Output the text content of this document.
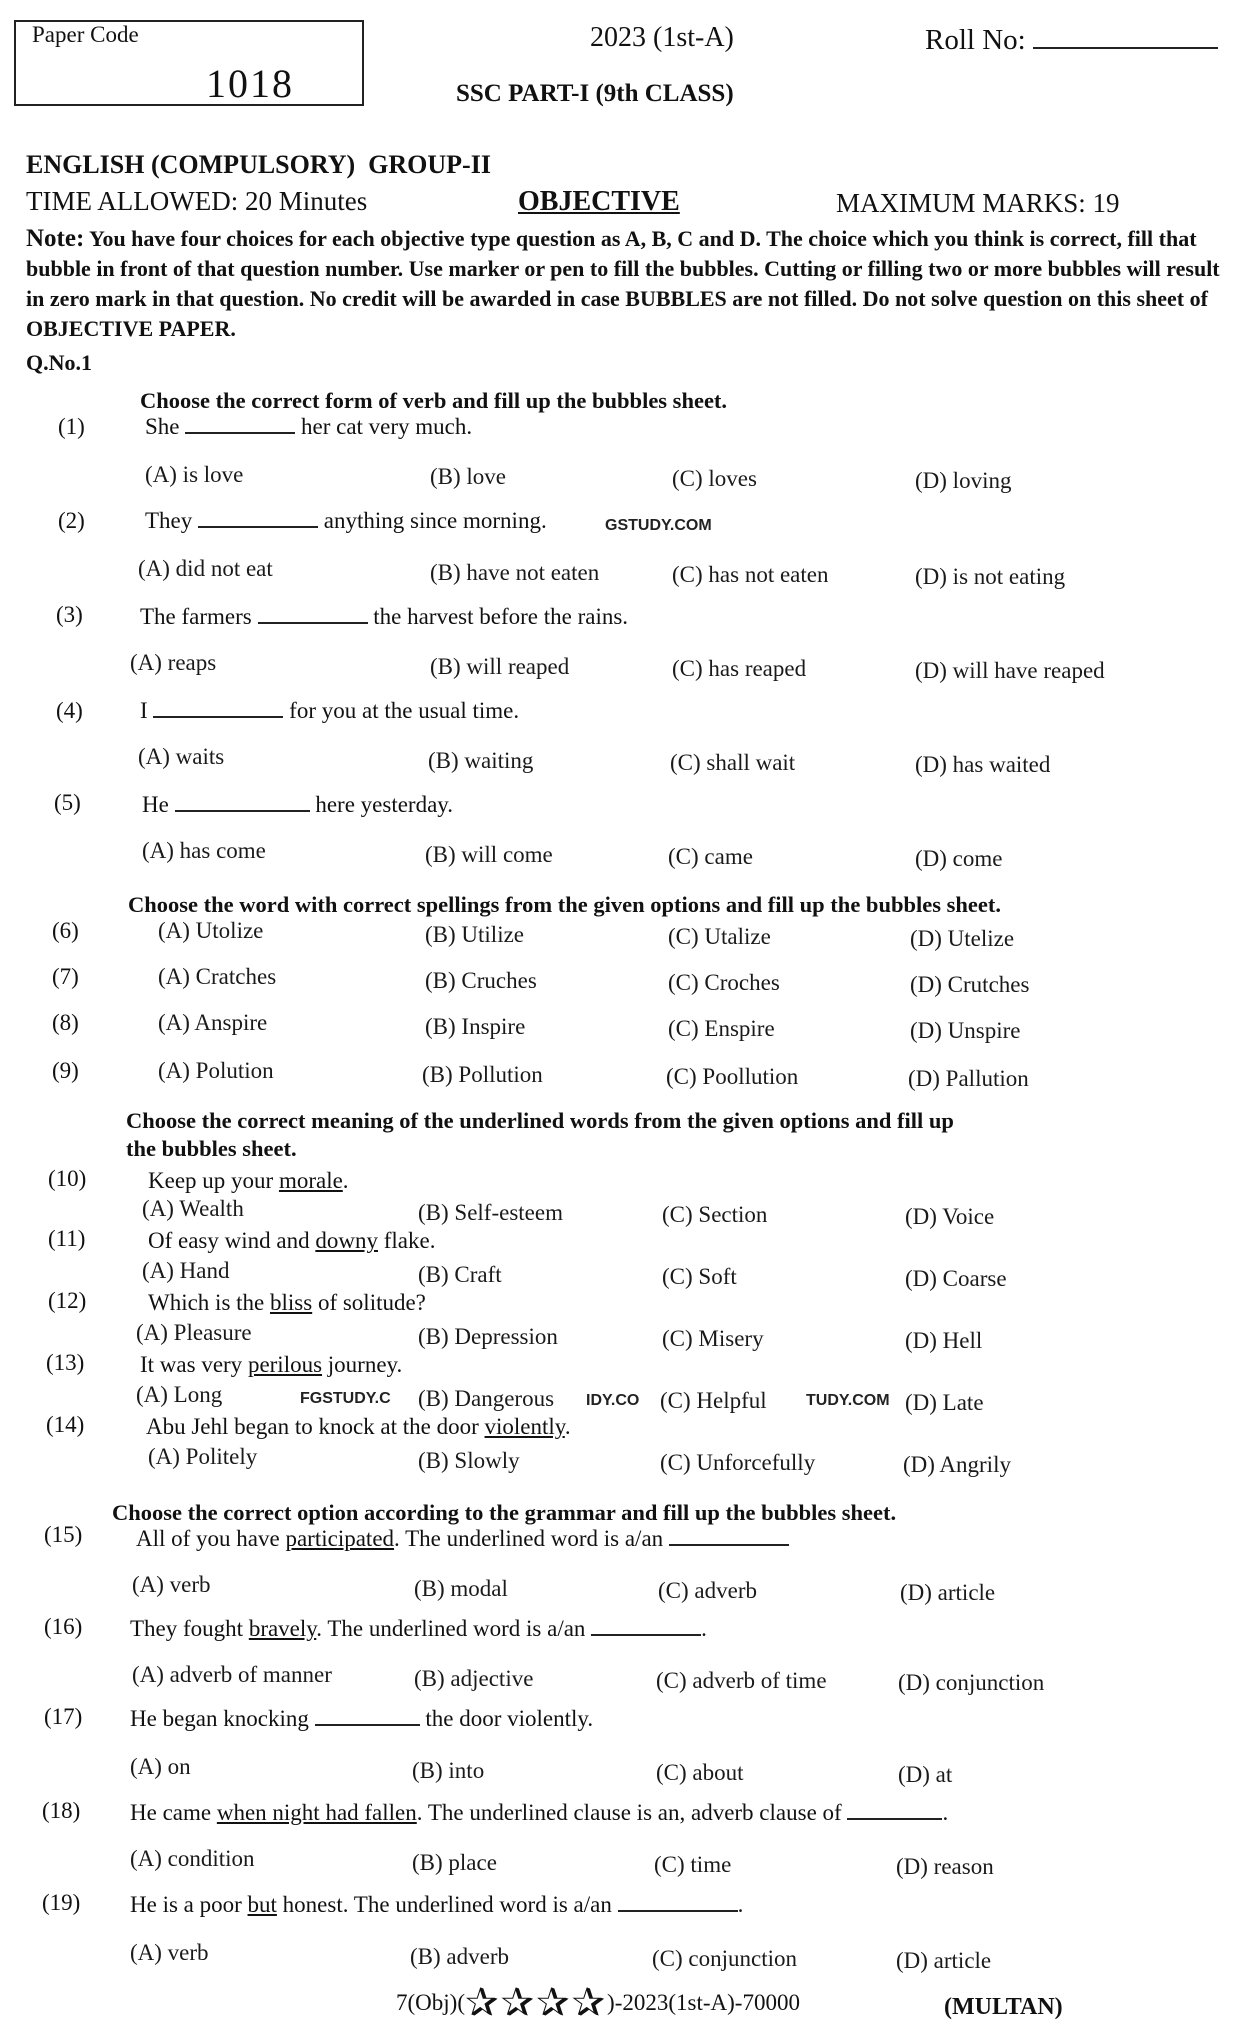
Paper Code
1018
2023 (1st-A)	Roll No:
SSC PART-I (9th CLASS)
ENGLISH (COMPULSORY) GROUP-II
TIME ALLOWED: 20 Minutes	OBJECTIVE	MAXIMUM MARKS: 19
Note: You have four choices for each objective type question as A, B, C and D. The choice which you think is correct, fill that bubble in front of that question number. Use marker or pen to fill the bubbles. Cutting or filling two or more bubbles will result in zero mark in that question. No credit will be awarded in case BUBBLES are not filled. Do not solve question on this sheet of OBJECTIVE PAPER.
Q.No.1
Choose the correct form of verb and fill up the bubbles sheet.
(1)	She	her cat very much.
(A) is love	(B) love	(C) loves	(D) loving
(2)	They	anything since morning.	GSTUDY.COM
(A) did not eat	(B) have not eaten	(C) has not eaten	(D) is not eating
(3) The farmers	the harvest before the rains.
(A) reaps	(B) will reaped	(C) has reaped	(D) will have reaped
(4) I	for you at the usual time.
(A) waits	(B) waiting	(C) shall wait	(D) has waited
(5)	He	here yesterday.
(A) has come	(B) will come	(C) came	(D) come
Choose the word with correct spellings from the given options and fill up the bubbles sheet.
(6)	(A) Utolize	(B) Utilize	(C) Utalize	(D) Utelize
(7)	(A) Cratches	(B) Cruches	(C) Croches	(D) Crutches
(8)	(A) Anspire	(B) Inspire	(C) Enspire	(D) Unspire
(9)	(A) Polution	(B) Pollution	(C) Poollution	(D) Pallution
Choose the correct meaning of the underlined words from the given options and fill up
the bubbles sheet.
(10)	Keep up your morale.
(A) Wealth	(B) Self-esteem	(C) Section	(D) Voice
(11)	Of easy wind and downy flake.
(A) Hand	(B) Craft	(C) Soft	(D) Coarse
(12)	Which is the bliss of solitude?
(A) Pleasure	(B) Depression	(C) Misery	(D) Hell
(13) It was very perilous journey.
(A) Long	FGSTUDY.C (B) Dangerous IDY.CO (C) Helpful TUDY.COM (D) Late
(14)	Abu Jehl began to knock at the door violently.
(A) Politely	(B) Slowly	(C) Unforcefully	(D) Angrily
Choose the correct option according to the grammar and fill up the bubbles sheet.
(15) All of you have participated. The underlined word is a/an
(A) verb	(B) modal	(C) adverb	(D) article
(16) They fought bravely. The underlined word is a/an	.
(A) adverb of manner	(B) adjective	(C) adverb of time	(D) conjunction
(17) He began knocking	the door violently.
(A) on	(B) into	(C) about	(D) at
(18) He came when night had fallen. The underlined clause is an, adverb clause of	.
(A) condition	(B) place	(C) time	(D) reason
(19) He is a poor but honest. The underlined word is a/an	.
(A) verb	(B) adverb	(C) conjunction	(D) article
7(Obj)(✰✰✰✰)-2023(1st-A)-70000	(MULTAN)
